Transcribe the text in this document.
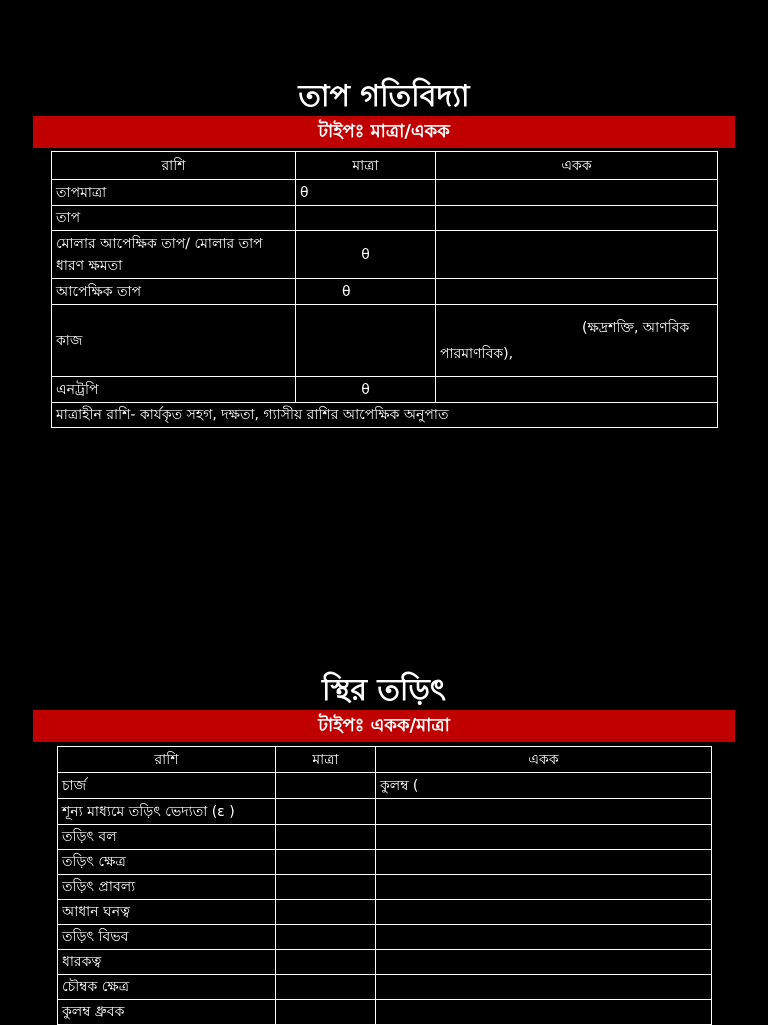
তাপ গতিবিদ্যা
টাইপঃ মাত্রা/একক
রাশি	মাত্রা	একক
তাপমাত্রা	θ	
তাপ		
মোলার আপেক্ষিক তাপ/ মোলার তাপ ধারণ ক্ষমতা	θ	
আপেক্ষিক তাপ	θ	
কাজ		(ক্ষদ্রশক্তি, আণবিক পারমাণবিক),
এনট্রপি	θ	
মাত্রাহীন রাশি- কার্যকৃত সহগ, দক্ষতা, গ্যাসীয় রাশির আপেক্ষিক অনুপাত		
স্থির তড়িৎ
টাইপঃ একক/মাত্রা
রাশি	মাত্রা	একক
চার্জ		কুলম্ব (
শূন্য মাধ্যমে তড়িৎ ভেদ্যতা (ε )		
তড়িৎ বল		
তড়িৎ ক্ষেত্র		
তড়িৎ প্রাবল্য		
আধান ঘনত্ব		
তড়িৎ বিভব		
ধারকত্ব		
চৌম্বক ক্ষেত্র		
কুলম্ব ধ্রুবক		
